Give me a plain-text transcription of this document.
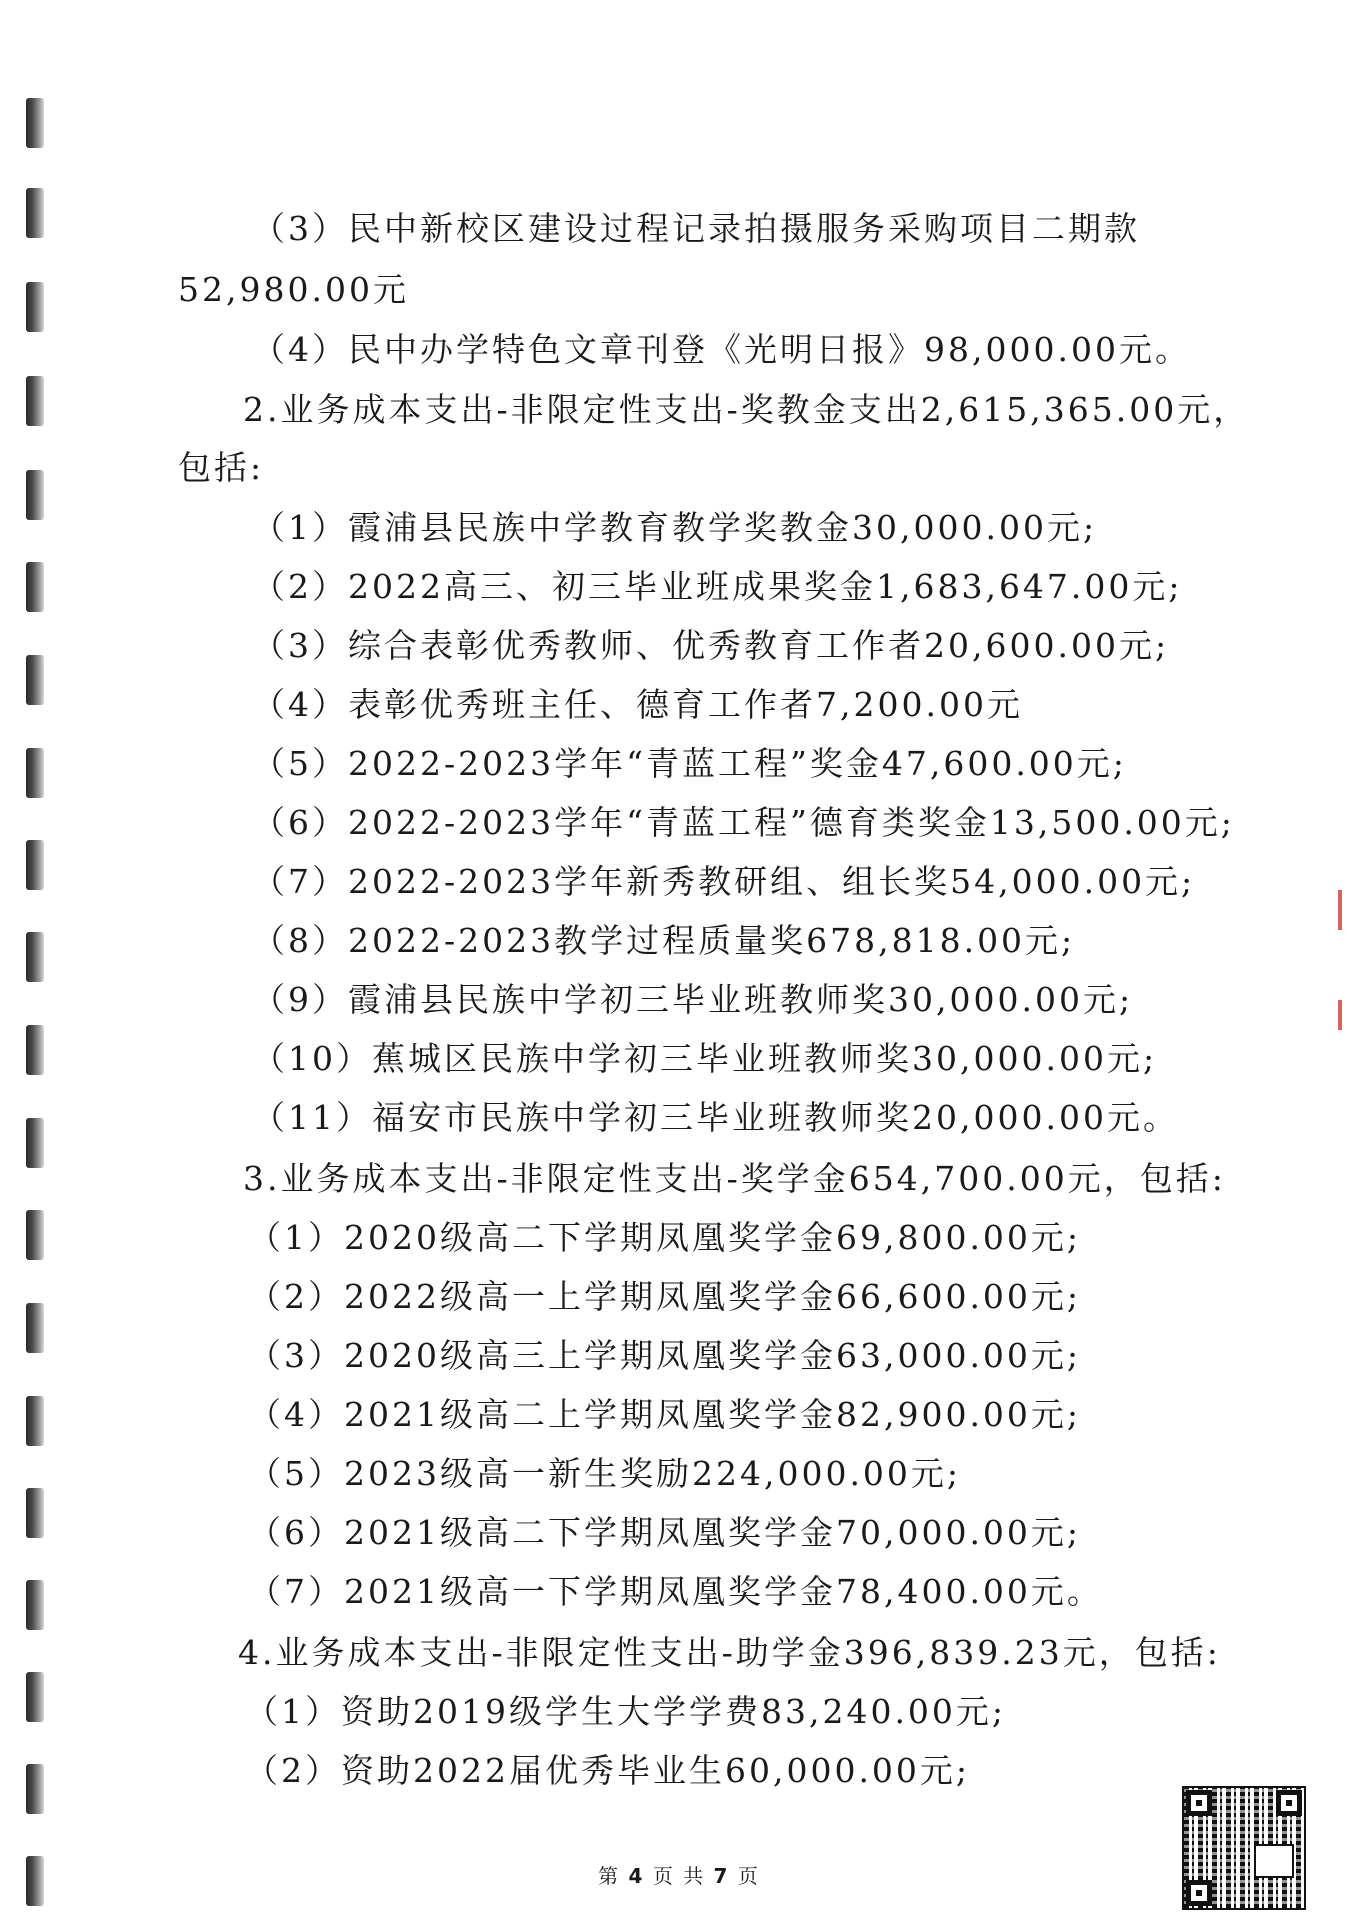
（3）民中新校区建设过程记录拍摄服务采购项目二期款
52,980.00元
（4）民中办学特色文章刊登《光明日报》98,000.00元。
2.业务成本支出-非限定性支出-奖教金支出2,615,365.00元，
包括:
（1）霞浦县民族中学教育教学奖教金30,000.00元;
（2）2022高三、初三毕业班成果奖金1,683,647.00元;
（3）综合表彰优秀教师、优秀教育工作者20,600.00元;
（4）表彰优秀班主任、德育工作者7,200.00元
（5）2022-2023学年“青蓝工程”奖金47,600.00元;
（6）2022-2023学年“青蓝工程”德育类奖金13,500.00元;
（7）2022-2023学年新秀教研组、组长奖54,000.00元;
（8）2022-2023教学过程质量奖678,818.00元;
（9）霞浦县民族中学初三毕业班教师奖30,000.00元;
（10）蕉城区民族中学初三毕业班教师奖30,000.00元;
（11）福安市民族中学初三毕业班教师奖20,000.00元。
3.业务成本支出-非限定性支出-奖学金654,700.00元，包括:
（1）2020级高二下学期凤凰奖学金69,800.00元;
（2）2022级高一上学期凤凰奖学金66,600.00元;
（3）2020级高三上学期凤凰奖学金63,000.00元;
（4）2021级高二上学期凤凰奖学金82,900.00元;
（5）2023级高一新生奖励224,000.00元;
（6）2021级高二下学期凤凰奖学金70,000.00元;
（7）2021级高一下学期凤凰奖学金78,400.00元。
4.业务成本支出-非限定性支出-助学金396,839.23元，包括:
（1）资助2019级学生大学学费83,240.00元;
（2）资助2022届优秀毕业生60,000.00元;
第 4 页 共 7 页
